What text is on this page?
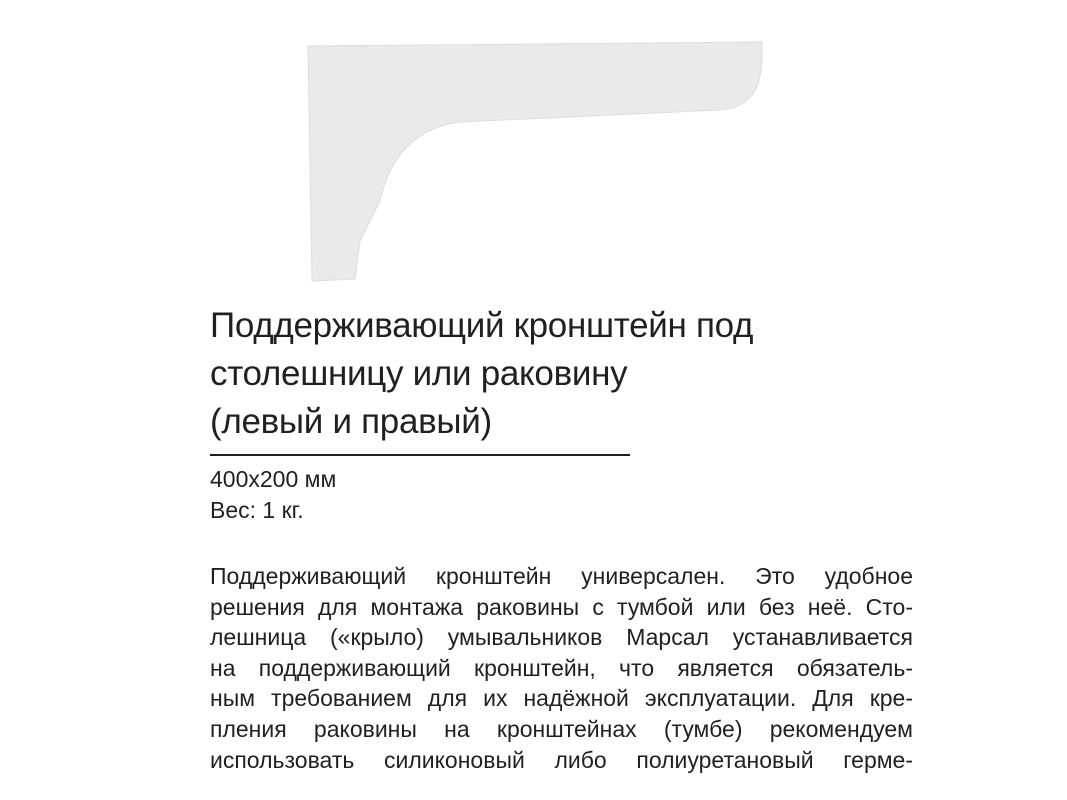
Поддерживающий кронштейн под
столешницу или раковину
(левый и правый)
400x200 мм
Вес: 1 кг.
Поддерживающий кронштейн универсален. Это удобное
решения для монтажа раковины с тумбой или без неё. Сто-
лешница («крыло) умывальников Марсал устанавливается
на поддерживающий кронштейн, что является обязатель-
ным требованием для их надёжной эксплуатации. Для кре-
пления раковины на кронштейнах (тумбе) рекомендуем
использовать силиконовый либо полиуретановый герме-
